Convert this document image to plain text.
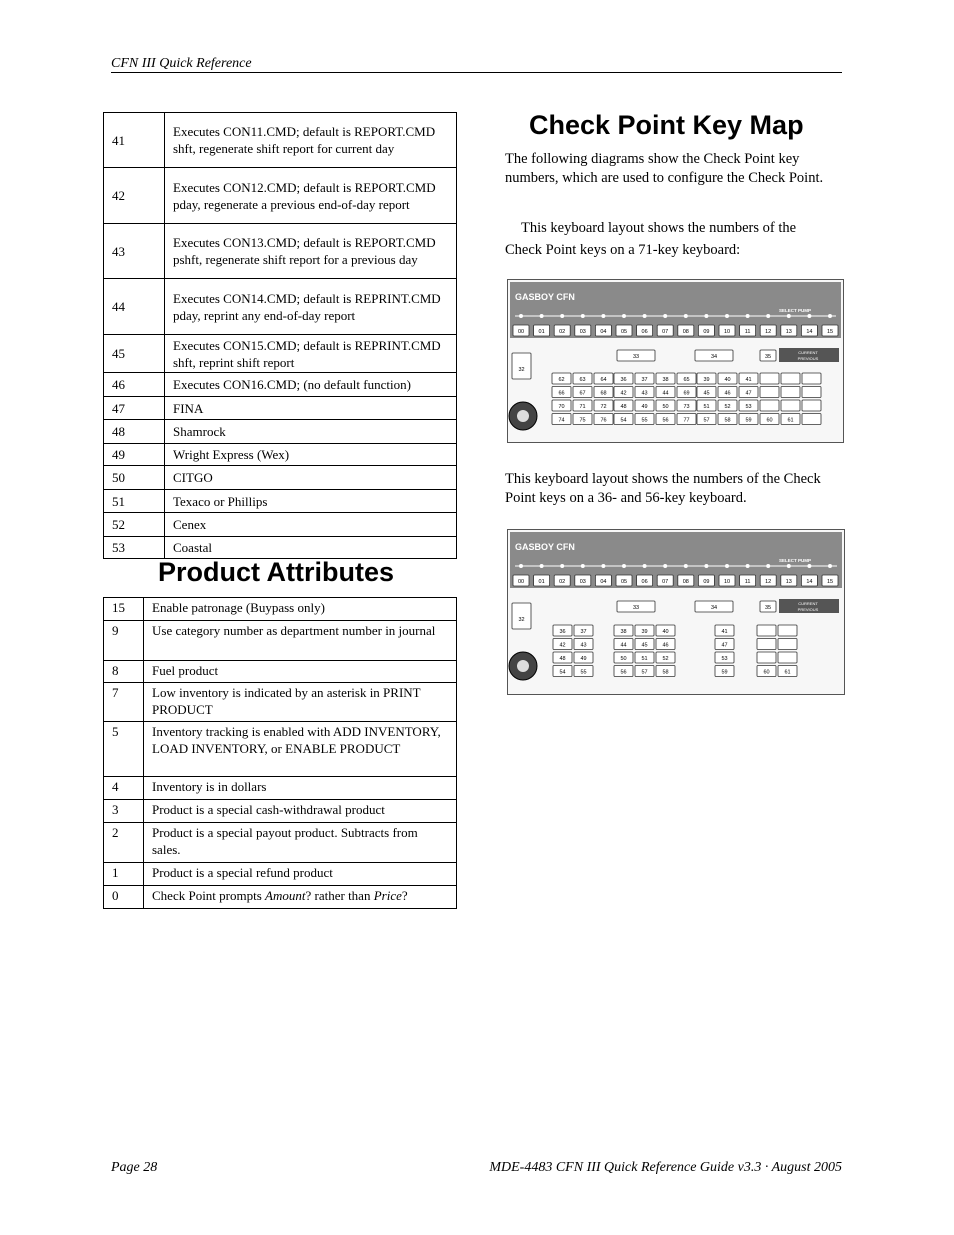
CFN III Quick Reference
41	Executes CON11.CMD; default is REPORT.CMD shft, regenerate shift report for current day
42	Executes CON12.CMD; default is REPORT.CMD pday, regenerate a previous end-of-day report
43	Executes CON13.CMD; default is REPORT.CMD pshft, regenerate shift report for a previous day
44	Executes CON14.CMD; default is REPRINT.CMD pday, reprint any end-of-day report
45	Executes CON15.CMD; default is REPRINT.CMD shft, reprint shift report
46	Executes CON16.CMD; (no default function)
47	FINA
48	Shamrock
49	Wright Express (Wex)
50	CITGO
51	Texaco or Phillips
52	Cenex
53	Coastal
Product Attributes
15	Enable patronage (Buypass only)
9	Use category number as department number in journal
8	Fuel product
7	Low inventory is indicated by an asterisk in PRINT PRODUCT
5	Inventory tracking is enabled with ADD INVENTORY, LOAD INVENTORY, or ENABLE PRODUCT
4	Inventory is in dollars
3	Product is a special cash-withdrawal product
2	Product is a special payout product. Subtracts from sales.
1	Product is a special refund product
0	Check Point prompts Amount? rather than Price?
Check Point Key Map
The following diagrams show the Check Point key numbers, which are used to configure the Check Point.
This keyboard layout shows the numbers of the Check Point keys on a 71-key keyboard:
GASBOY CFN
SELECT PUMP
00	01	02	03	04	05	06	07	08	09	10	11	12	13	14	15
32
33	34	35
CURRENT
PREVIOUS
62	63	64	36	37	38	65	39	40	41
66	67	68	42	43	44	69	45	46	47
70	71	72	48	49	50	73	51	52	53
74	75	76	54	55	56	77	57	58	59	60	61
This keyboard layout shows the numbers of the Check Point keys on a 36- and 56-key keyboard.
GASBOY CFN
SELECT PUMP
00	01	02	03	04	05	06	07	08	09	10	11	12	13	14	15
32
33	34	35
CURRENT
PREVIOUS
36	37
42	43
48	49
54	55
38	39	40
44	45	46
50	51	52
56	57	58
41
47
53
59	60	61
Page 28	MDE-4483 CFN III Quick Reference Guide v3.3 · August 2005
